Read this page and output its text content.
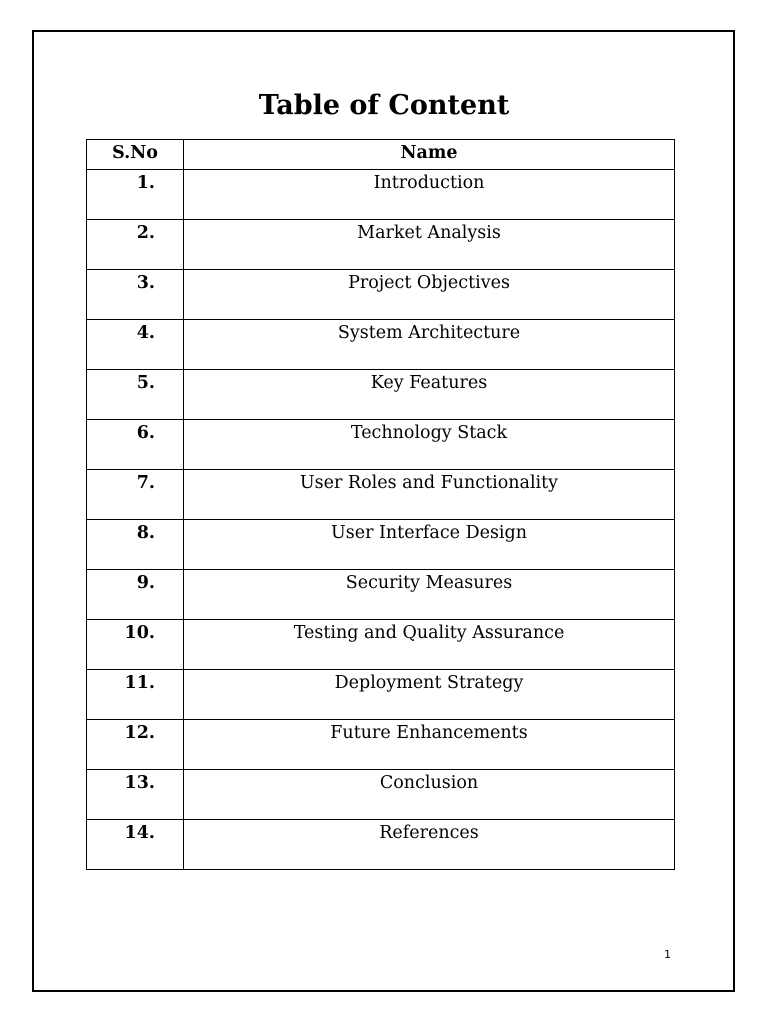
Table of Content
S.No	Name
1.	Introduction
2.	Market Analysis
3.	Project Objectives
4.	System Architecture
5.	Key Features
6.	Technology Stack
7.	User Roles and Functionality
8.	User Interface Design
9.	Security Measures
10.	Testing and Quality Assurance
11.	Deployment Strategy
12.	Future Enhancements
13.	Conclusion
14.	References
1
